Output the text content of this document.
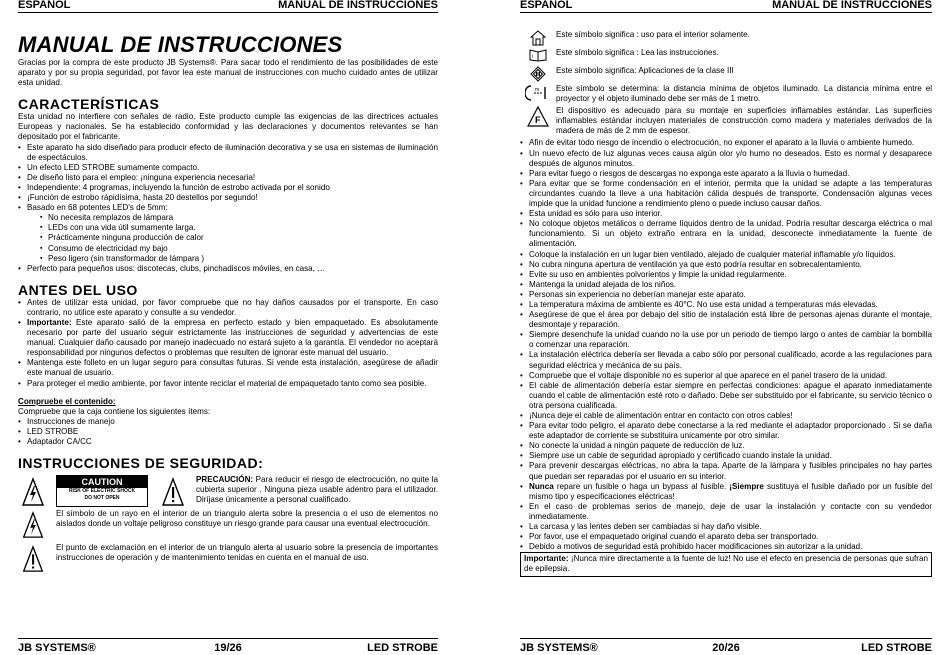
ESPAÑOL	MANUAL DE INSTRUCCIONES
MANUAL DE INSTRUCCIONES

Gracias por la compra de este producto JB Systems®. Para sacar todo el rendimiento de las posibilidades de este aparato y por su propia seguridad, por favor lea este manual de instrucciones con mucho cuidado antes de utilizar esta unidad.

CARACTERÍSTICAS

Esta unidad no interfiere con señales de radio. Este producto cumple las exigencias de las directrices actuales Europeas y nacionales. Se ha establecido conformidad y las declaraciones y documentos relevantes se han depositado por el fabricante.

• Este aparato ha sido diseñado para producir efecto de iluminación decorativa y se usa en sistemas de iluminación de espectáculos.
• Un efecto LED STROBE sumamente compacto.
• De diseño listo para el empleo: ¡ninguna experiencia necesaria!
• Independiente: 4 programas, incluyendo la función de estrobo activada por el sonido
• ¡Función de estrobo rápidísima, hasta 20 destellos por segundo!
• Basado en 68 potentes LED's de 5mm:
▪ No necesita remplazos de lámpara
▪ LEDs con una vida útil sumamente larga.
▪ Prácticamente ninguna producción de calor
▪ Consumo de electricidad my bajo
▪ Peso ligero (sin transformador de lámpara )
• Perfecto para pequeños usos: discotecas, clubs, pinchadiscos móviles, en casa, …
ANTES DEL USO
• Antes de utilizar esta unidad, por favor compruebe que no hay daños causados por el transporte. En caso contrario, no utilice este aparato y consulte a su vendedor.
• Importante: Este aparato salió de la empresa en perfecto estado y bien empaquetado. Es absolutamente necesario por parte del usuario seguir estrictamente las instrucciones de seguridad y advertencias de este manual. Cualquier daño causado por manejo inadecuado no estará sujeto a la garantía. El vendedor no aceptará responsabilidad por ningunos defectos o problemas que resulten de ignorar este manual del usuario.
• Mantenga este folleto en un lugar seguro para consultas futuras. Si vende esta instalación, asegúrese de añadir este manual de usuario.
• Para proteger el medio ambiente, por favor intente reciclar el material de empaquetado tanto como sea posible.

Compruebe el contenido:

Compruebe que la caja contiene los siguientes ítems:

• Instrucciones de manejo
• LED STROBE
• Adaptador CA/CC
INSTRUCCIONES DE SEGURIDAD:
CAUTION
RISK OF ELECTRIC SHOCK
DO NOT OPEN

PRECAUCIÓN: Para reducir el riesgo de electrocución, no quite la cubierta superior . Ninguna pieza usable adentro para el utilizador. Diríjase únicamente a personal cualificado.

El símbolo de un rayo en el interior de un triangulo alerta sobre la presencia o el uso de elementos no aislados donde un voltaje peligroso constituye un riesgo grande para causar una eventual electrocución.

El punto de exclamación en el interior de un triangulo alerta al usuario sobre la presencia de importantes instrucciones de operación y de mantenimiento tenidas en cuenta en el manual de uso.

JB SYSTEMS®	19/26	LED STROBE
ESPAÑOL	MANUAL DE INSTRUCCIONES

Este símbolo significa : uso para el interior solamente.

i	Este símbolo significa : Lea las instrucciones.

Este símbolo significa: Aplicaciones de la clase III

m Este símbolo se determina: la distancia mínima de objetos iluminado. La distancia mínima entre el proyector y el objeto iluminado debe ser más de 1 metro.

F

El dispositivo es adecuado para su montaje en superficies inflamables estándar. Las superficies inflamables estándar incluyen materiales de construcción como madera y materiales derivados de la madera de más de 2 mm de espesor.

• Afin de evitar todo riesgo de incendio o electrocución, no exponer el aparato a la lluvia o ambiente humedo.
• Un nuevo efecto de luz algunas veces causa algún olor y/o humo no deseados. Esto es normal y desaparece después de algunos minutos.
• Para evitar fuego o riesgos de descargas no exponga este aparato a la lluvia o humedad.
• Para evitar que se forme condensación en el interior, permita que la unidad se adapte a las temperaturas circundantes cuando la lleve a una habitación cálida después de transporte. Condensación algunas veces impide que la unidad funcione a rendimiento pleno o puede incluso causar daños.
• Esta unidad es sólo para uso interior.
• No coloque objetos metálicos o derrame líquidos dentro de la unidad. Podría resultar descarga eléctrica o mal funcionamiento. Si un objeto extraño entrara en la unidad, desconecte inmediatamente la fuente de alimentación.
• Coloque la instalación en un lugar bien ventilado, alejado de cualquier material inflamable y/o líquidos.
• No cubra ninguna apertura de ventilación ya que esto podría resultar en sobrecalentamiento.
• Evite su uso en ambientes polvorientos y limpie la unidad regularmente.
• Mantenga la unidad alejada de los niños.
• Personas sin experiencia no deberían manejar este aparato.
• La temperatura máxima de ambiente es 40°C. No use esta unidad a temperaturas más elevadas.
• Asegúrese de que el área por debajo del sitio de instalación está libre de personas ajenas durante el montaje, desmontaje y reparación.
• Siempre desenchufe la unidad cuando no la use por un periodo de tiempo largo o antes de cambiar la bombilla o comenzar una reparación.
• La instalación eléctrica debería ser llevada a cabo sólo por personal cualificado, acorde a las regulaciones para seguridad eléctrica y mecánica de su país.
• Compruebe que el voltaje disponible no es superior al que aparece en el panel trasero de la unidad.
• El cable de alimentación debería estar siempre en perfectas condiciones: apague el aparato inmediatamente cuando el cable de alimentación esté roto o dañado. Debe ser substituido por el fabricante, su servicio técnico o otra persona cualificada.
• ¡Nunca deje el cable de alimentación entrar en contacto con otros cables!
• Para evitar todo peligro, el aparato debe conectarse a la red mediante el adaptador proporcionado . Si se daña este adaptador de corriente se substituira unicamente por otro similar.
• No conecte la unidad a ningún paquete de reducción de luz.
• Siempre use un cable de seguridad apropiado y certificado cuando instale la unidad.
• Para prevenir descargas eléctricas, no abra la tapa. Aparte de la lámpara y fusibles principales no hay partes que puedan ser reparadas por el usuario en su interior.
• Nunca repare un fusible o haga un bypass al fusible. ¡Siempre sustituya el fusible dañado por un fusible del mismo tipo y especificaciones eléctricas!
• En el caso de problemas serios de manejo, deje de usar la instalación y contacte con su vendedor inmediatamente.
• La carcasa y las lentes deben ser cambiadas si hay daño visible.
• Por favor, use el empaquetado original cuando el aparato deba ser transportado.
• Debido a motivos de seguridad está prohibido hacer modificaciones sin autorizar a la unidad.
Importante: ¡Nunca mire directamente a la fuente de luz! No use el efecto en presencia de personas que sufran de epilepsia.
JB SYSTEMS®	20/26	LED STROBE
